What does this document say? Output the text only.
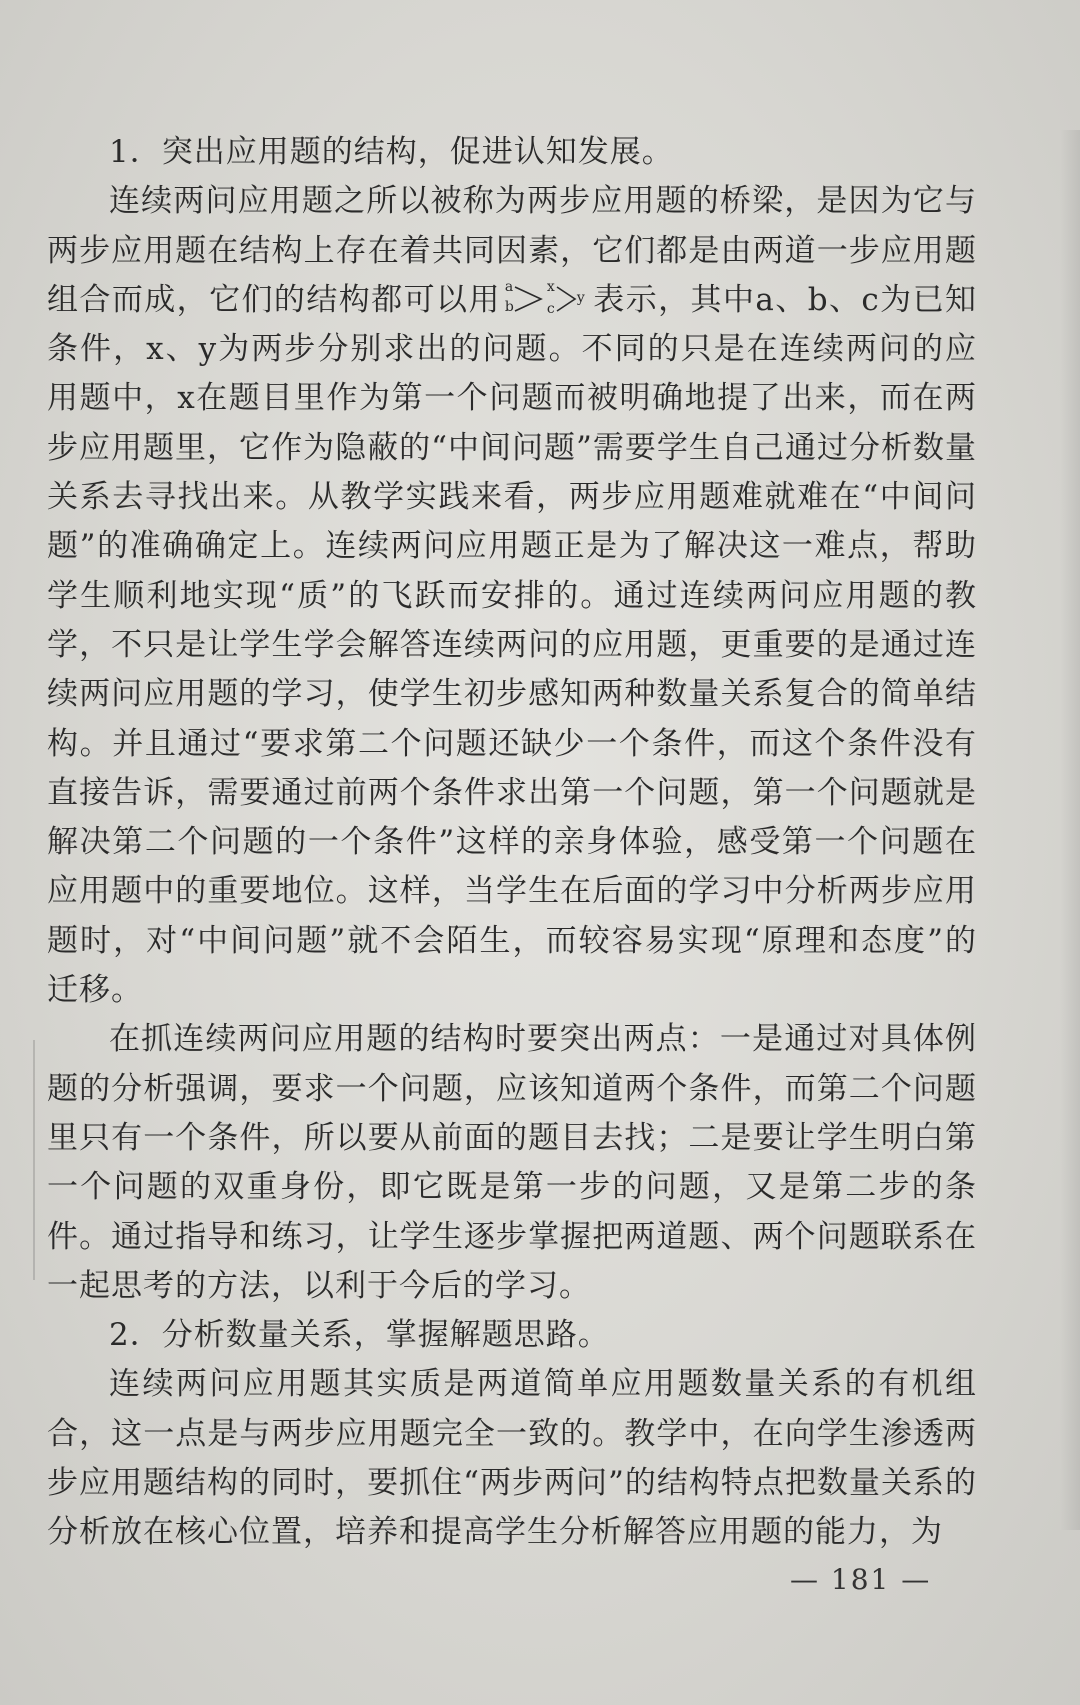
1．突出应用题的结构，促进认知发展。

连续两问应用题之所以被称为两步应用题的桥梁，是因为它与两步应用题在结构上存在着共同因素，它们都是由两道一步应用题组合而成，它们的结构都可以用 a
b
x
c
y 表示，其中a、b、c为已知条件，x、y为两步分别求出的问题。不同的只是在连续两问的应用题中，x在题目里作为第一个问题而被明确地提了出来，而在两步应用题里，它作为隐蔽的“中间问题”需要学生自己通过分析数量关系去寻找出来。从教学实践来看，两步应用题难就难在“中间问题”的准确确定上。连续两问应用题正是为了解决这一难点，帮助学生顺利地实现“质”的飞跃而安排的。通过连续两问应用题的教学，不只是让学生学会解答连续两问的应用题，更重要的是通过连续两问应用题的学习，使学生初步感知两种数量关系复合的简单结构。并且通过“要求第二个问题还缺少一个条件，而这个条件没有直接告诉，需要通过前两个条件求出第一个问题，第一个问题就是解决第二个问题的一个条件”这样的亲身体验，感受第一个问题在应用题中的重要地位。这样，当学生在后面的学习中分析两步应用题时，对“中间问题”就不会陌生，而较容易实现“原理和态度”的迁移。

在抓连续两问应用题的结构时要突出两点：一是通过对具体例题的分析强调，要求一个问题，应该知道两个条件，而第二个问题里只有一个条件，所以要从前面的题目去找；二是要让学生明白第一个问题的双重身份，即它既是第一步的问题，又是第二步的条件。通过指导和练习，让学生逐步掌握把两道题、两个问题联系在一起思考的方法，以利于今后的学习。

2．分析数量关系，掌握解题思路。

连续两问应用题其实质是两道简单应用题数量关系的有机组合，这一点是与两步应用题完全一致的。教学中，在向学生渗透两步应用题结构的同时，要抓住“两步两问”的结构特点把数量关系的分析放在核心位置，培养和提高学生分析解答应用题的能力，为

— 181 —
